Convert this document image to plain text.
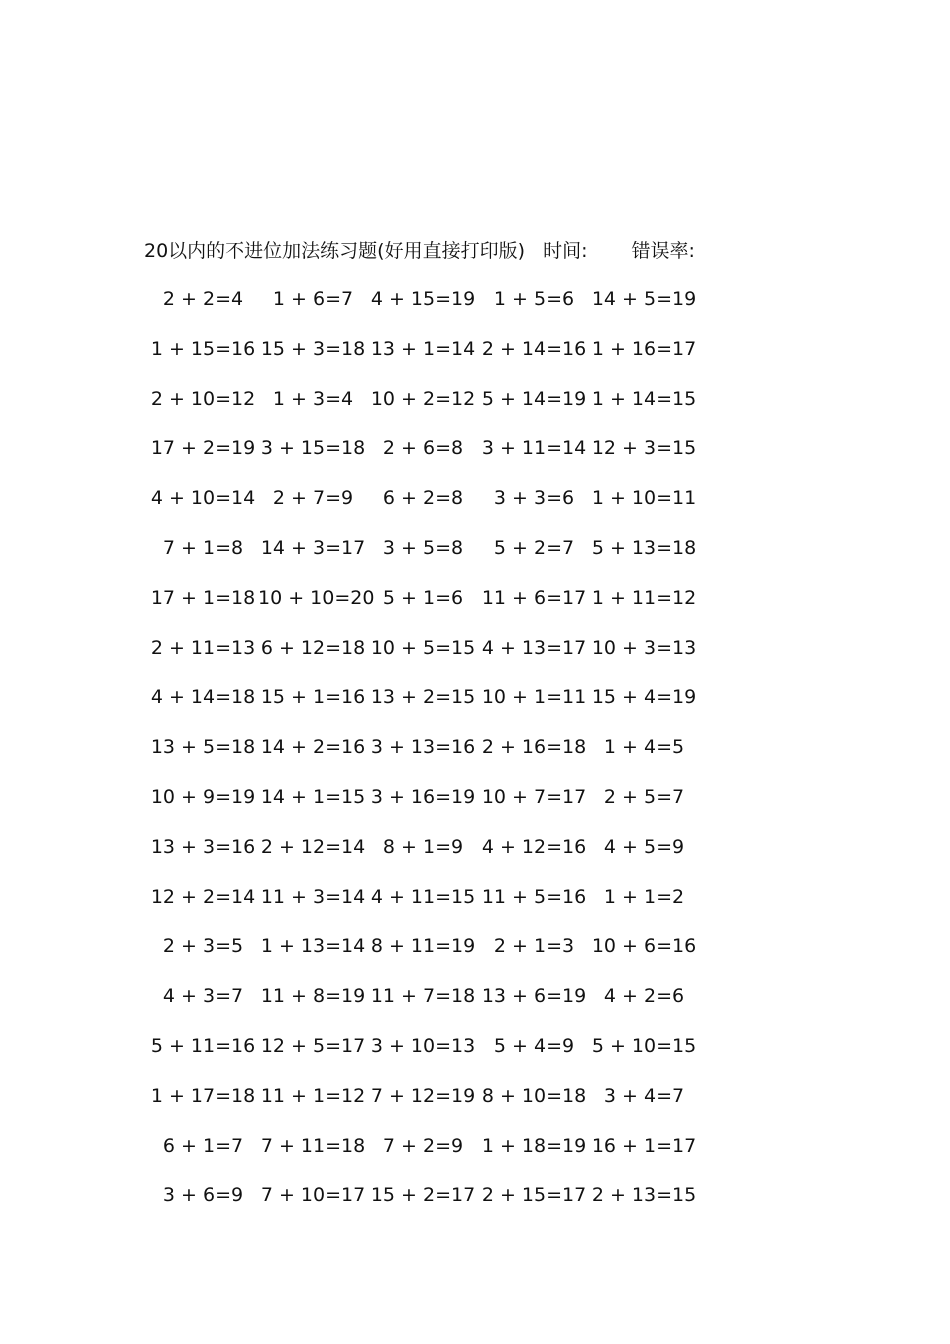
20以内的不进位加法练习题(好用直接打印版) 时间: 错误率:
2 + 2=4	1 + 6=7 4 + 15=19 1 + 5=6 14 + 5=19
1 + 15=16 15 + 3=18 13 + 1=14 2 + 14=16 1 + 16=17
2 + 10=12 1 + 3=4 10 + 2=12 5 + 14=19 1 + 14=15
17 + 2=19 3 + 15=18 2 + 6=8 3 + 11=14 12 + 3=15
4 + 10=14 2 + 7=9	6 + 2=8	3 + 3=6 1 + 10=11
7 + 1=8 14 + 3=17 3 + 5=8	5 + 2=7 5 + 13=18
17 + 1=18 10 + 10=20 5 + 1=6 11 + 6=17 1 + 11=12
2 + 11=13 6 + 12=18 10 + 5=15 4 + 13=17 10 + 3=13
4 + 14=18 15 + 1=16 13 + 2=15 10 + 1=11 15 + 4=19
13 + 5=18 14 + 2=16 3 + 13=16 2 + 16=18 1 + 4=5
10 + 9=19 14 + 1=15 3 + 16=19 10 + 7=17 2 + 5=7
13 + 3=16 2 + 12=14 8 + 1=9 4 + 12=16 4 + 5=9
12 + 2=14 11 + 3=14 4 + 11=15 11 + 5=16 1 + 1=2
2 + 3=5 1 + 13=14 8 + 11=19 2 + 1=3 10 + 6=16
4 + 3=7 11 + 8=19 11 + 7=18 13 + 6=19 4 + 2=6
5 + 11=16 12 + 5=17 3 + 10=13 5 + 4=9 5 + 10=15
1 + 17=18 11 + 1=12 7 + 12=19 8 + 10=18 3 + 4=7
6 + 1=7 7 + 11=18 7 + 2=9 1 + 18=19 16 + 1=17
3 + 6=9 7 + 10=17 15 + 2=17 2 + 15=17 2 + 13=15
